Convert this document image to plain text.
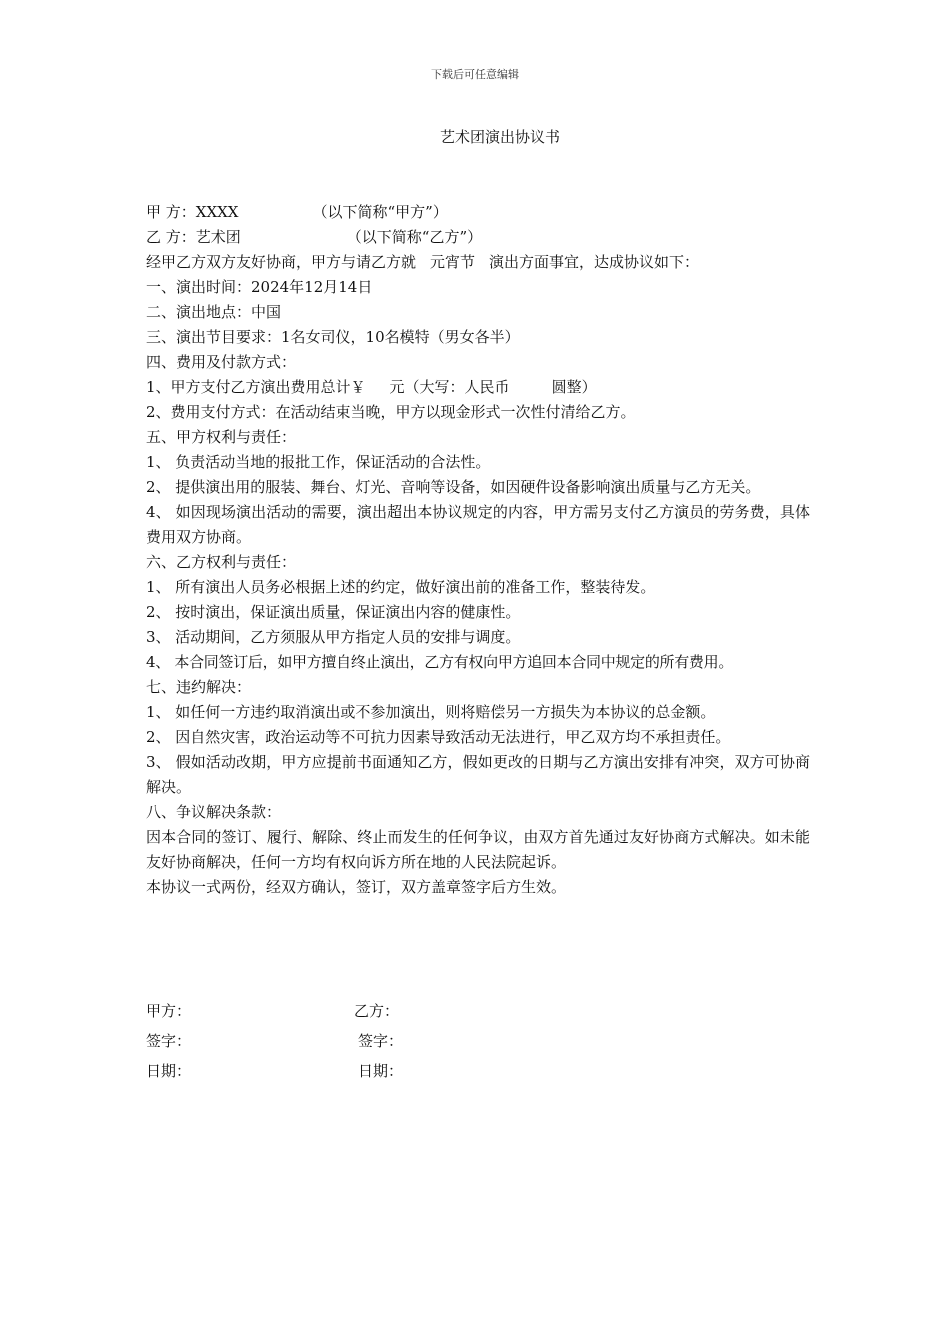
下载后可任意编辑
艺术团演出协议书
甲 方：XXXX	（以下简称“甲方”）
乙 方：艺术团	（以下简称“乙方”）
经甲乙方双方友好协商，甲方与请乙方就 元宵节 演出方面事宜，达成协议如下：
一、演出时间：2024年12月14日
二、演出地点：中国
三、演出节目要求：1名女司仪，10名模特（男女各半）
四、费用及付款方式：
1、甲方支付乙方演出费用总计￥ 元（大写：人民币	圆整）
2、费用支付方式：在活动结束当晚，甲方以现金形式一次性付清给乙方。
五、甲方权利与责任：
1、 负责活动当地的报批工作，保证活动的合法性。
2、 提供演出用的服装、舞台、灯光、音响等设备，如因硬件设备影响演出质量与乙方无关。
4、 如因现场演出活动的需要，演出超出本协议规定的内容，甲方需另支付乙方演员的劳务费，具体费用双方协商。
六、乙方权利与责任：
1、 所有演出人员务必根据上述的约定，做好演出前的准备工作，整装待发。
2、 按时演出，保证演出质量，保证演出内容的健康性。
3、 活动期间，乙方须服从甲方指定人员的安排与调度。
4、 本合同签订后，如甲方擅自终止演出，乙方有权向甲方追回本合同中规定的所有费用。
七、违约解决：
1、 如任何一方违约取消演出或不参加演出，则将赔偿另一方损失为本协议的总金额。
2、 因自然灾害，政治运动等不可抗力因素导致活动无法进行，甲乙双方均不承担责任。
3、 假如活动改期，甲方应提前书面通知乙方，假如更改的日期与乙方演出安排有冲突，双方可协商解决。
八、争议解决条款：
因本合同的签订、履行、解除、终止而发生的任何争议，由双方首先通过友好协商方式解决。如未能友好协商解决，任何一方均有权向诉方所在地的人民法院起诉。
本协议一式两份，经双方确认，签订，双方盖章签字后方生效。
甲方：	乙方：
签字：	签字：
日期：	日期：
